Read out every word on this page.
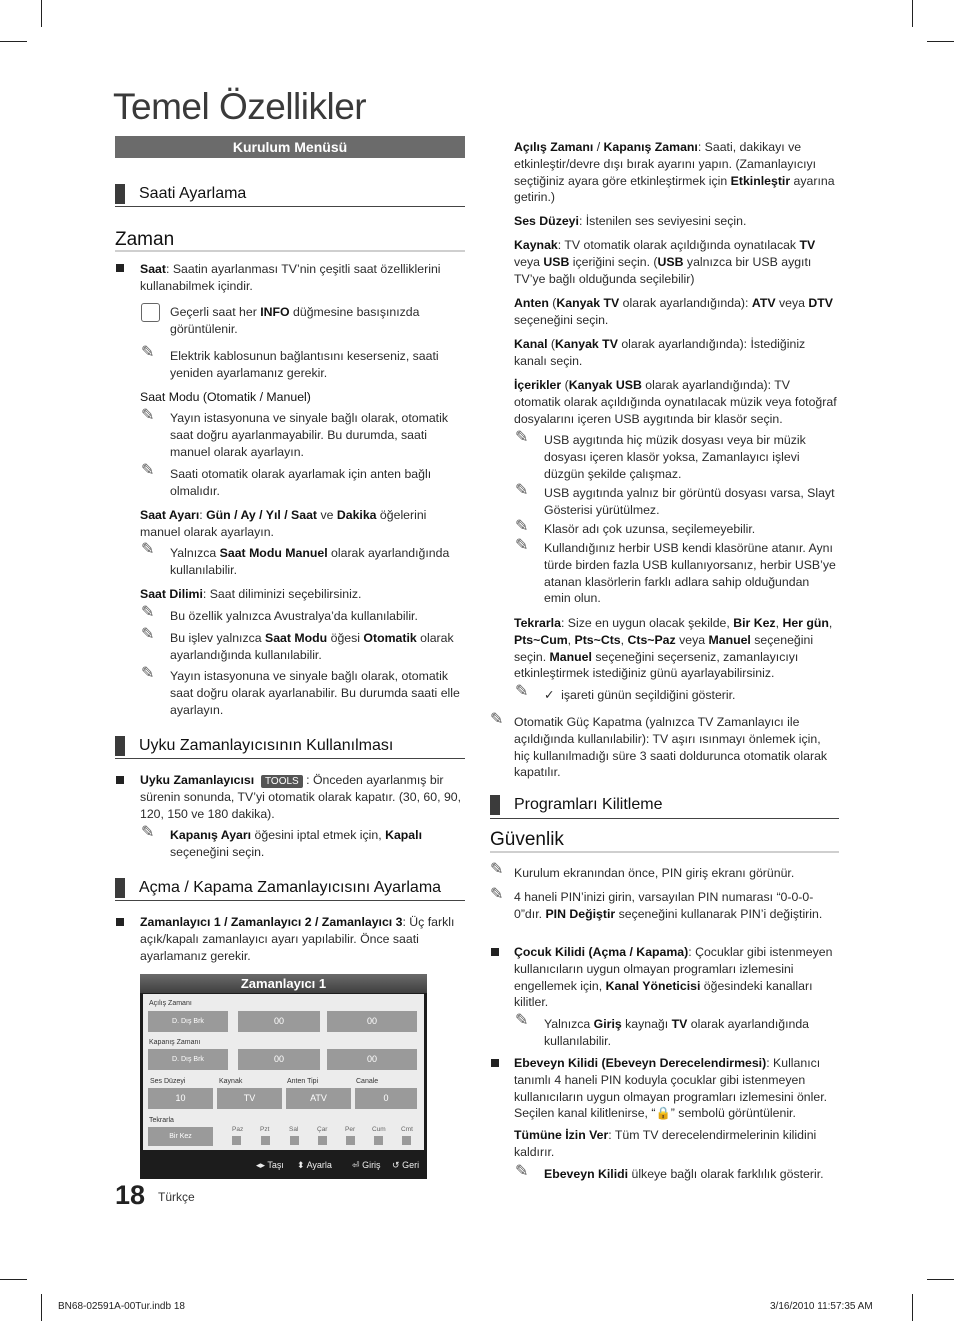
Temel Özellikler
Kurulum Menüsü
Saati Ayarlama
Zaman
Saat: Saatin ayarlanması TV’nin çeşitli saat özelliklerini kullanabilmek içindir.
Geçerli saat her INFO düğmesine basışınızda görüntülenir.
✎ Elektrik kablosunun bağlantısını keserseniz, saati yeniden ayarlamanız gerekir.
Saat Modu (Otomatik / Manuel)
✎ Yayın istasyonuna ve sinyale bağlı olarak, otomatik saat doğru ayarlanmayabilir. Bu durumda, saati manuel olarak ayarlayın.
✎ Saati otomatik olarak ayarlamak için anten bağlı olmalıdır.
Saat Ayarı: Gün / Ay / Yıl / Saat ve Dakika öğelerini manuel olarak ayarlayın.
✎ Yalnızca Saat Modu Manuel olarak ayarlandığında kullanılabilir.
Saat Dilimi: Saat diliminizi seçebilirsiniz.
✎ Bu özellik yalnızca Avustralya’da kullanılabilir.
✎ Bu işlev yalnızca Saat Modu öğesi Otomatik olarak ayarlandığında kullanılabilir.
✎ Yayın istasyonuna ve sinyale bağlı olarak, otomatik saat doğru olarak ayarlanabilir. Bu durumda saati elle ayarlayın.
Uyku Zamanlayıcısının Kullanılması
Uyku Zamanlayıcısı TOOLS : Önceden ayarlanmış bir sürenin sonunda, TV’yi otomatik olarak kapatır. (30, 60, 90, 120, 150 ve 180 dakika).
✎ Kapanış Ayarı öğesini iptal etmek için, Kapalı seçeneğini seçin.
Açma / Kapama Zamanlayıcısını Ayarlama
Zamanlayıcı 1 / Zamanlayıcı 2 / Zamanlayıcı 3: Üç farklı açık/kapalı zamanlayıcı ayarı yapılabilir. Önce saati ayarlamanız gerekir.
Zamanlayıcı 1
Açılış Zamanı
D. Dış Brk	00	00
Kapanış Zamanı
D. Dış Brk	00	00
Ses Düzeyi	Kaynak	Anten Tipi	Canale
10	TV	ATV	0
Tekrarla
Bir Kez
Paz	Pzt	Sal	Çar	Per	Cum Cmt
◂▸ Taşı ⬍ Ayarla ⏎ Giriş ↺ Geri
18 Türkçe
Açılış Zamanı / Kapanış Zamanı: Saati, dakikayı ve etkinleştir/devre dışı bırak ayarını yapın. (Zamanlayıcıyı seçtiğiniz ayara göre etkinleştirmek için Etkinleştir ayarına getirin.)
Ses Düzeyi: İstenilen ses seviyesini seçin.
Kaynak: TV otomatik olarak açıldığında oynatılacak TV veya USB içeriğini seçin. (USB yalnızca bir USB aygıtı TV’ye bağlı olduğunda seçilebilir)
Anten (Kanyak TV olarak ayarlandığında): ATV veya DTV seçeneğini seçin.
Kanal (Kanyak TV olarak ayarlandığında): İstediğiniz kanalı seçin.
İçerikler (Kanyak USB olarak ayarlandığında): TV otomatik olarak açıldığında oynatılacak müzik veya fotoğraf dosyalarını içeren USB aygıtında bir klasör seçin.
✎ USB aygıtında hiç müzik dosyası veya bir müzik dosyası içeren klasör yoksa, Zamanlayıcı işlevi düzgün şekilde çalışmaz.
✎ USB aygıtında yalnız bir görüntü dosyası varsa, Slayt Gösterisi yürütülmez.
✎ Klasör adı çok uzunsa, seçilemeyebilir.
✎ Kullandığınız herbir USB kendi klasörüne atanır. Aynı türde birden fazla USB kullanıyorsanız, herbir USB’ye atanan klasörlerin farklı adlara sahip olduğundan emin olun.
Tekrarla: Size en uygun olacak şekilde, Bir Kez, Her gün, Pts~Cum, Pts~Cts, Cts~Paz veya Manuel seçeneğini seçin. Manuel seçeneğini seçerseniz, zamanlayıcıyı etkinleştirmek istediğiniz günü ayarlayabilirsiniz.
✎ ✓ işareti günün seçildiğini gösterir.
✎ Otomatik Güç Kapatma (yalnızca TV Zamanlayıcı ile açıldığında kullanılabilir): TV aşırı ısınmayı önlemek için, hiç kullanılmadığı süre 3 saati doldurunca otomatik olarak kapatılır.
Programları Kilitleme
Güvenlik
✎ Kurulum ekranından önce, PIN giriş ekranı görünür.
✎ 4 haneli PIN’inizi girin, varsayılan PIN numarası “0-0-0-0”dır. PIN Değiştir seçeneğini kullanarak PIN’i değiştirin.
Çocuk Kilidi (Açma / Kapama): Çocuklar gibi istenmeyen kullanıcıların uygun olmayan programları izlemesini engellemek için, Kanal Yöneticisi öğesindeki kanalları kilitler.
✎ Yalnızca Giriş kaynağı TV olarak ayarlandığında kullanılabilir.
Ebeveyn Kilidi (Ebeveyn Derecelendirmesi): Kullanıcı tanımlı 4 haneli PIN koduyla çocuklar gibi istenmeyen kullanıcıların uygun olmayan programları izlemesini önler. Seçilen kanal kilitlenirse, “🔒” sembolü görüntülenir.
Tümüne İzin Ver: Tüm TV derecelendirmelerinin kilidini kaldırır.
✎ Ebeveyn Kilidi ülkeye bağlı olarak farklılık gösterir.
BN68-02591A-00Tur.indb 18	3/16/2010 11:57:35 AM
